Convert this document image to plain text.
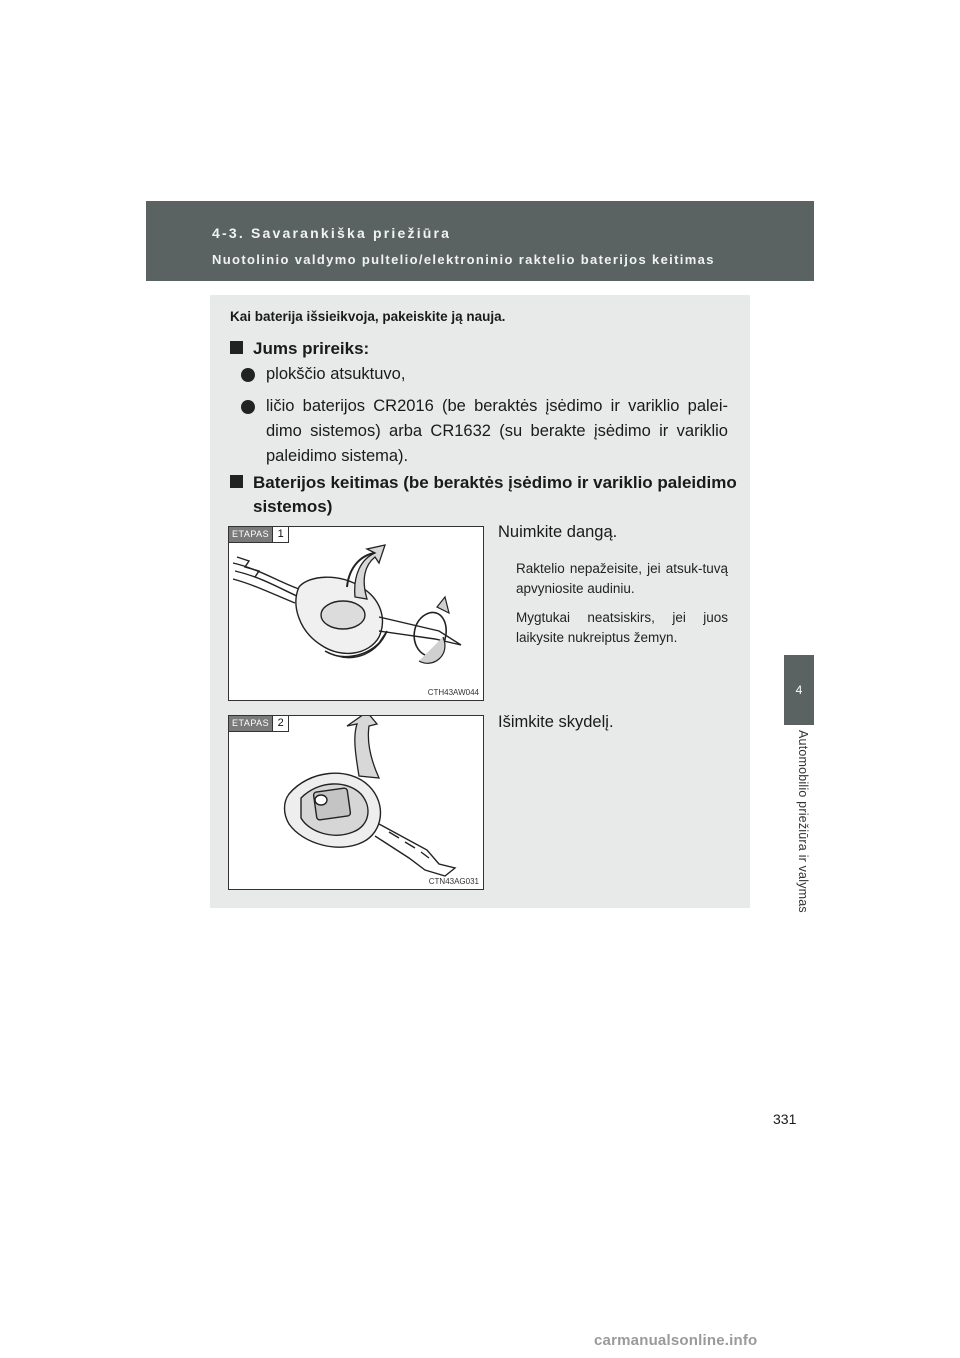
4-3. Savarankiška priežiūra
Nuotolinio valdymo pultelio/elektroninio raktelio baterijos keitimas
4
Automobilio priežiūra ir valymas
Kai baterija išsieikvoja, pakeiskite ją nauja.
Jums prireiks:
plokščio atsuktuvo,
ličio baterijos CR2016 (be beraktės įsėdimo ir variklio palei-dimo sistemos) arba CR1632 (su berakte įsėdimo ir variklio paleidimo sistema).
Baterijos keitimas (be beraktės įsėdimo ir variklio paleidimo sistemos)
ETAPAS 1
CTH43AW044
Nuimkite dangą.
Raktelio nepažeisite, jei atsuk-tuvą apvyniosite audiniu.
Mygtukai neatsiskirs, jei juos laikysite nukreiptus žemyn.
ETAPAS 2
CTN43AG031
Išimkite skydelį.
331
carmanualsonline.info
